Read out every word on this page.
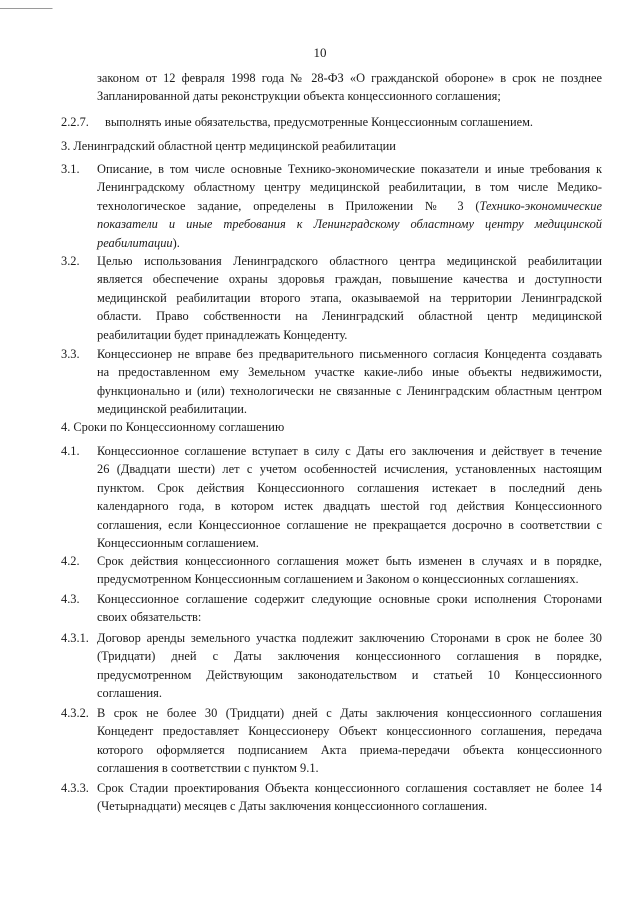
10
законом от 12 февраля 1998 года № 28-ФЗ «О гражданской обороне» в срок не позднее
Запланированной даты реконструкции объекта концессионного соглашения;
2.2.7. выполнять иные обязательства, предусмотренные Концессионным соглашением.
3. Ленинградский областной центр медицинской реабилитации
3.1. Описание, в том числе основные Технико-экономические показатели и иные требования к
Ленинградскому областному центру медицинской реабилитации, в том числе Медико-
технологическое задание, определены в Приложении № 3 (Технико-экономические
показатели и иные требования к Ленинградскому областному центру медицинской
реабилитации).
3.2. Целью использования Ленинградского областного центра медицинской реабилитации
является обеспечение охраны здоровья граждан, повышение качества и доступности
медицинской реабилитации второго этапа, оказываемой на территории Ленинградской
области. Право собственности на Ленинградский областной центр медицинской
реабилитации будет принадлежать Концеденту.
3.3. Концессионер не вправе без предварительного письменного согласия Концедента создавать
на предоставленном ему Земельном участке какие-либо иные объекты недвижимости,
функционально и (или) технологически не связанные с Ленинградским областным центром
медицинской реабилитации.
4. Сроки по Концессионному соглашению
4.1. Концессионное соглашение вступает в силу с Даты его заключения и действует в течение
26 (Двадцати шести) лет с учетом особенностей исчисления, установленных настоящим
пунктом. Срок действия Концессионного соглашения истекает в последний день
календарного года, в котором истек двадцать шестой год действия Концессионного
соглашения, если Концессионное соглашение не прекращается досрочно в соответствии с
Концессионным соглашением.
4.2. Срок действия концессионного соглашения может быть изменен в случаях и в порядке,
предусмотренном Концессионным соглашением и Законом о концессионных соглашениях.
4.3. Концессионное соглашение содержит следующие основные сроки исполнения Сторонами
своих обязательств:
4.3.1. Договор аренды земельного участка подлежит заключению Сторонами в срок не более 30
(Тридцати) дней с Даты заключения концессионного соглашения в порядке,
предусмотренном Действующим законодательством и статьей 10 Концессионного
соглашения.
4.3.2. В срок не более 30 (Тридцати) дней с Даты заключения концессионного соглашения
Концедент предоставляет Концессионеру Объект концессионного соглашения, передача
которого оформляется подписанием Акта приема-передачи объекта концессионного
соглашения в соответствии с пунктом 9.1.
4.3.3. Срок Стадии проектирования Объекта концессионного соглашения составляет не более 14
(Четырнадцати) месяцев с Даты заключения концессионного соглашения.
